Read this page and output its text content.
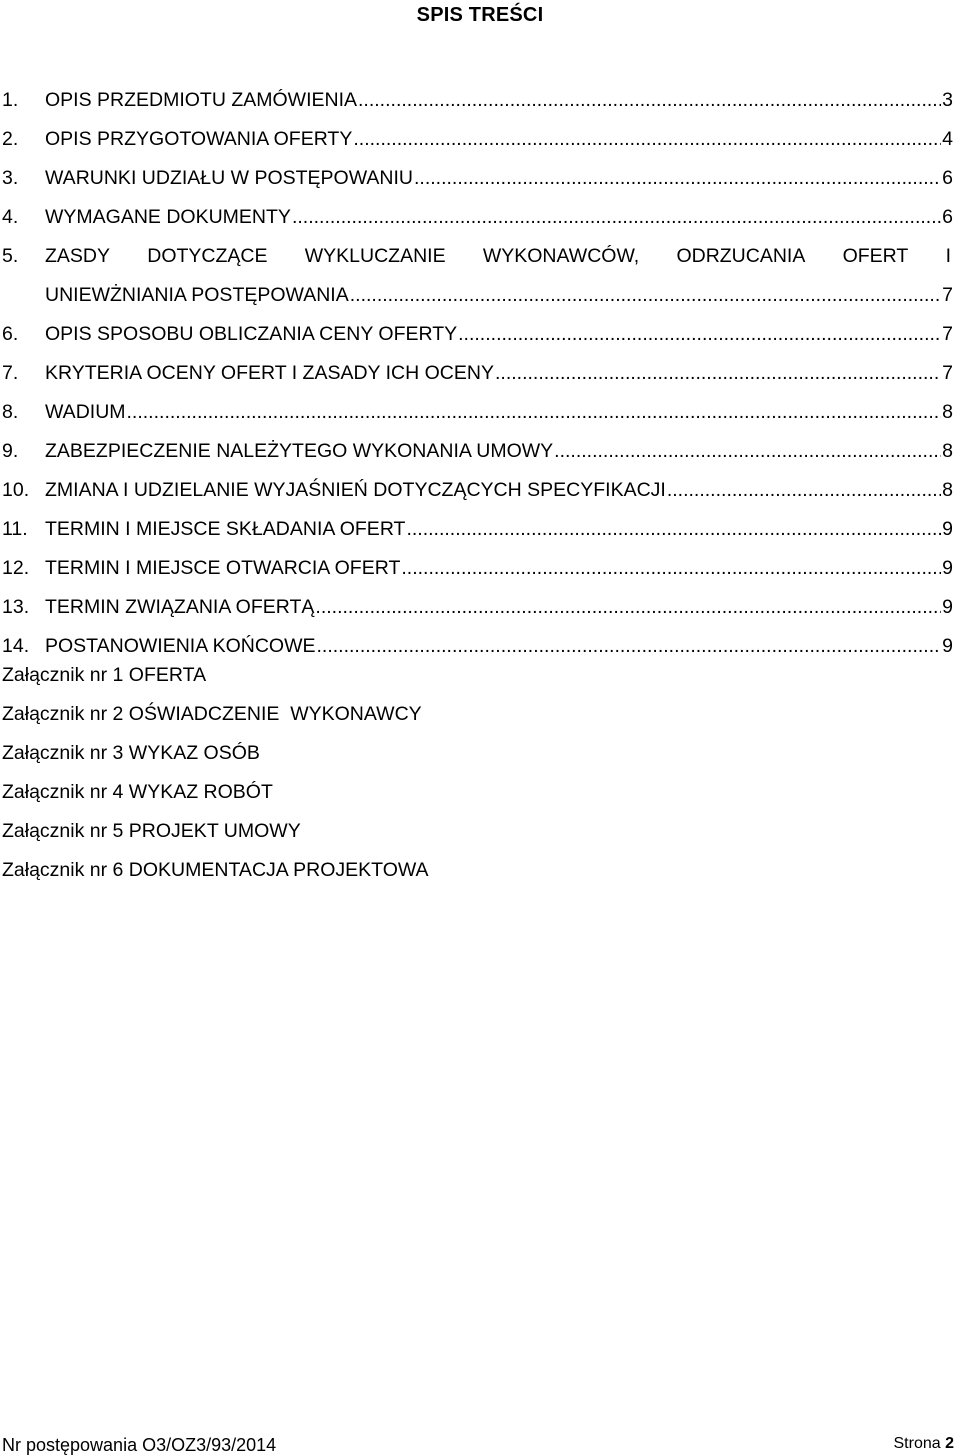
SPIS TREŚCI
1.	OPIS PRZEDMIOTU ZAMÓWIENIA .....	3
2.	OPIS PRZYGOTOWANIA OFERTY .....	4
3.	WARUNKI UDZIAŁU W POSTĘPOWANIU .....	6
4.	WYMAGANE DOKUMENTY .....	6
5.	ZASDY DOTYCZĄCE WYKLUCZANIE WYKONAWCÓW, ODRZUCANIA OFERT I
UNIEWŻNIANIA POSTĘPOWANIA .....	7
6.	OPIS SPOSOBU OBLICZANIA CENY OFERTY .....	7
7.	KRYTERIA OCENY OFERT I ZASADY ICH OCENY .....	7
8.	WADIUM .....	8
9.	ZABEZPIECZENIE NALEŻYTEGO WYKONANIA UMOWY .....	8
10. ZMIANA I UDZIELANIE WYJAŚNIEŃ DOTYCZĄCYCH SPECYFIKACJI .....	8
11. TERMIN I MIEJSCE SKŁADANIA OFERT .....	9
12. TERMIN I MIEJSCE OTWARCIA OFERT .....	9
13. TERMIN ZWIĄZANIA OFERTĄ .....	9
14. POSTANOWIENIA KOŃCOWE .....	9
Załącznik nr 1 OFERTA
Załącznik nr 2 OŚWIADCZENIE  WYKONAWCY
Załącznik nr 3 WYKAZ OSÓB
Załącznik nr 4 WYKAZ ROBÓT
Załącznik nr 5 PROJEKT UMOWY
Załącznik nr 6 DOKUMENTACJA PROJEKTOWA
Nr postępowania O3/OZ3/93/2014	Strona 2
